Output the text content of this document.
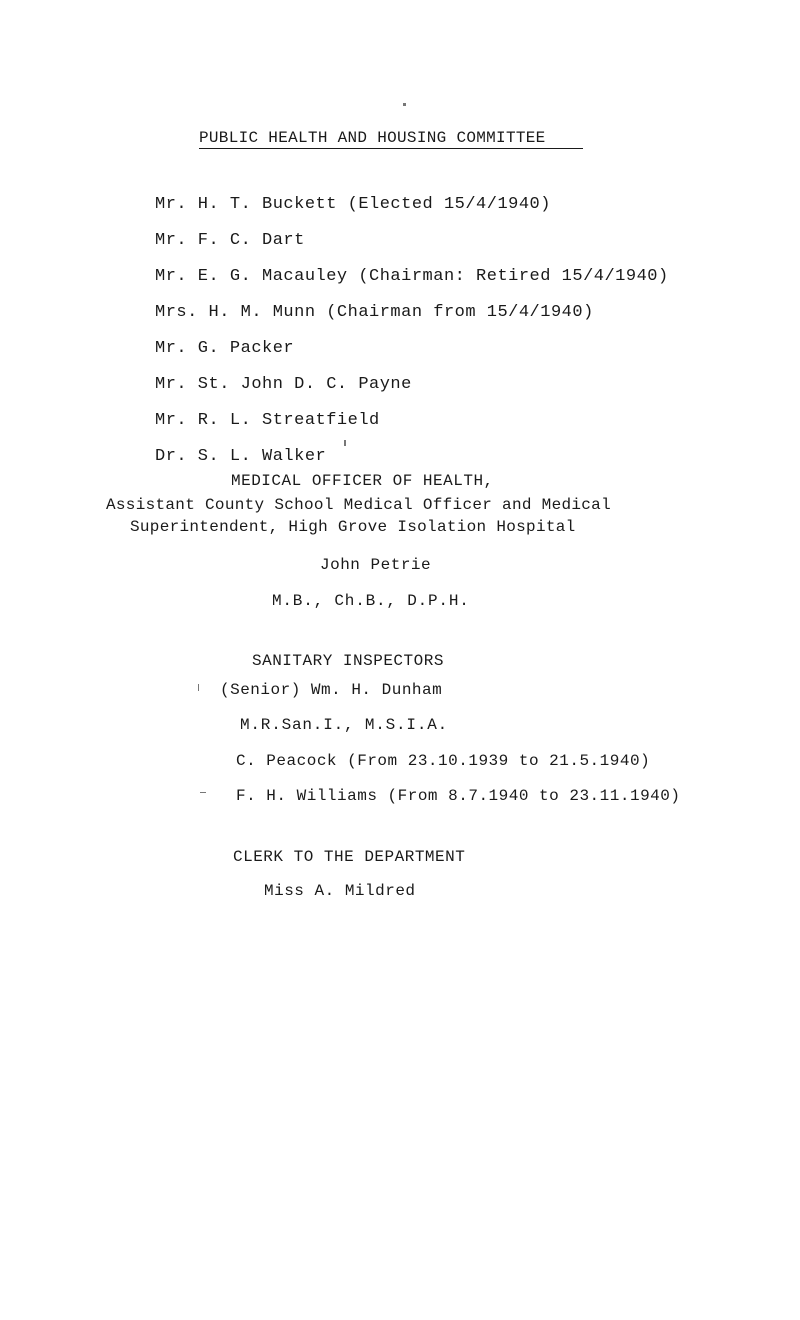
PUBLIC HEALTH AND HOUSING COMMITTEE
Mr. H. T. Buckett (Elected 15/4/1940)
Mr. F. C. Dart
Mr. E. G. Macauley (Chairman: Retired 15/4/1940)
Mrs. H. M. Munn (Chairman from 15/4/1940)
Mr. G. Packer
Mr. St. John D. C. Payne
Mr. R. L. Streatfield
Dr. S. L. Walker
MEDICAL OFFICER OF HEALTH,
Assistant County School Medical Officer and Medical
Superintendent, High Grove Isolation Hospital
John Petrie
M.B., Ch.B., D.P.H.
SANITARY INSPECTORS
(Senior) Wm. H. Dunham
M.R.San.I., M.S.I.A.
C. Peacock (From 23.10.1939 to 21.5.1940)
F. H. Williams (From 8.7.1940 to 23.11.1940)
CLERK TO THE DEPARTMENT
Miss A. Mildred
